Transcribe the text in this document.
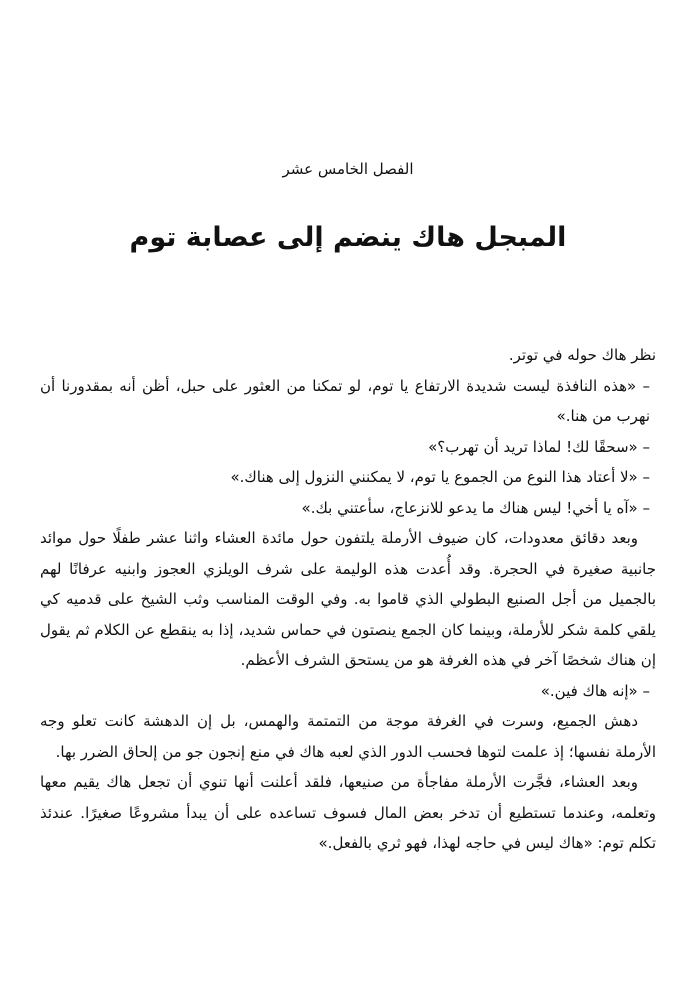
الفصل الخامس عشر
المبجل هاك ينضم إلى عصابة توم

نظر هاك حوله في توتر.

– «هذه النافذة ليست شديدة الارتفاع يا توم، لو تمكنا من العثور على حبل، أظن أنه بمقدورنا أن نهرب من هنا.»

– «سحقًا لك! لماذا تريد أن تهرب؟»

– «لا أعتاد هذا النوع من الجموع يا توم، لا يمكنني النزول إلى هناك.»

– «آه يا أخي! ليس هناك ما يدعو للانزعاج، سأعتني بك.»

وبعد دقائق معدودات، كان ضيوف الأرملة يلتفون حول مائدة العشاء واثنا عشر طفلًا حول موائد جانبية صغيرة في الحجرة. وقد أُعدت هذه الوليمة على شرف الويلزي العجوز وابنيه عرفانًا لهم بالجميل من أجل الصنيع البطولي الذي قاموا به. وفي الوقت المناسب وثب الشيخ على قدميه كي يلقي كلمة شكر للأرملة، وبينما كان الجمع ينصتون في حماس شديد، إذا به ينقطع عن الكلام ثم يقول إن هناك شخصًا آخر في هذه الغرفة هو من يستحق الشرف الأعظم.

– «إنه هاك فين.»

دهش الجميع، وسرت في الغرفة موجة من التمتمة والهمس، بل إن الدهشة كانت تعلو وجه الأرملة نفسها؛ إذ علمت لتوها فحسب الدور الذي لعبه هاك في منع إنجون جو من إلحاق الضرر بها.

وبعد العشاء، فجَّرت الأرملة مفاجأة من صنيعها، فلقد أعلنت أنها تنوي أن تجعل هاك يقيم معها وتعلمه، وعندما تستطيع أن تدخر بعض المال فسوف تساعده على أن يبدأ مشروعًا صغيرًا. عندئذ تكلم توم: «هاك ليس في حاجه لهذا، فهو ثري بالفعل.»
